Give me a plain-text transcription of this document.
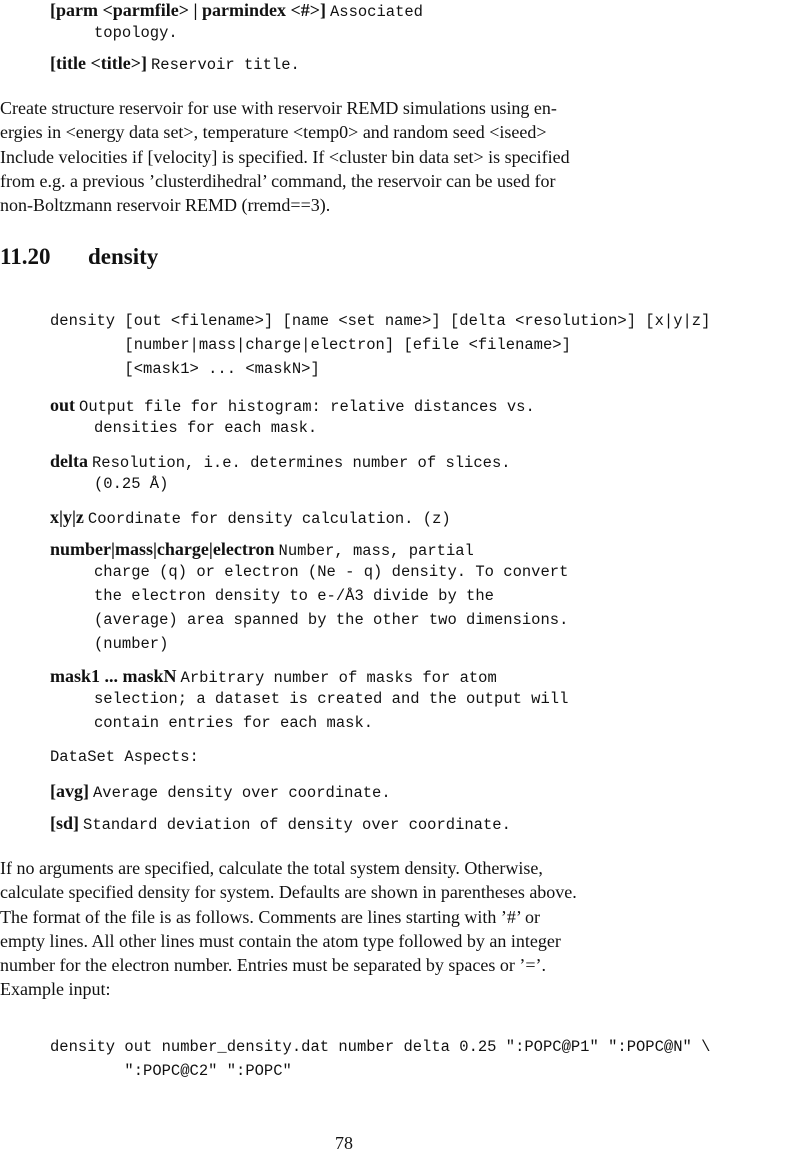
[parm <parmfile> | parmindex <#>] Associated
topology.
[title <title>] Reservoir title.
Create structure reservoir for use with reservoir REMD simulations using en-
ergies in <energy data set>, temperature <temp0> and random seed <iseed>
Include velocities if [velocity] is specified. If <cluster bin data set> is specified
from e.g. a previous ’clusterdihedral’ command, the reservoir can be used for
non-Boltzmann reservoir REMD (rremd==3).
11.20 density
density [out <filename>] [name <set name>] [delta <resolution>] [x|y|z]
[number|mass|charge|electron] [efile <filename>]
[<mask1> ... <maskN>]
out Output file for histogram: relative distances vs.
densities for each mask.
delta Resolution, i.e. determines number of slices.
(0.25 Å)
x|y|z Coordinate for density calculation. (z)
number|mass|charge|electron Number, mass, partial
charge (q) or electron (Ne - q) density. To convert
the electron density to e-/Å3 divide by the
(average) area spanned by the other two dimensions.
(number)
mask1 ... maskN Arbitrary number of masks for atom
selection; a dataset is created and the output will
contain entries for each mask.
DataSet Aspects:
[avg] Average density over coordinate.
[sd] Standard deviation of density over coordinate.
If no arguments are specified, calculate the total system density. Otherwise,
calculate specified density for system. Defaults are shown in parentheses above.
The format of the file is as follows. Comments are lines starting with ’#’ or
empty lines. All other lines must contain the atom type followed by an integer
number for the electron number. Entries must be separated by spaces or ’=’.
Example input:
density out number_density.dat number delta 0.25 ":POPC@P1" ":POPC@N" \
":POPC@C2" ":POPC"
78
